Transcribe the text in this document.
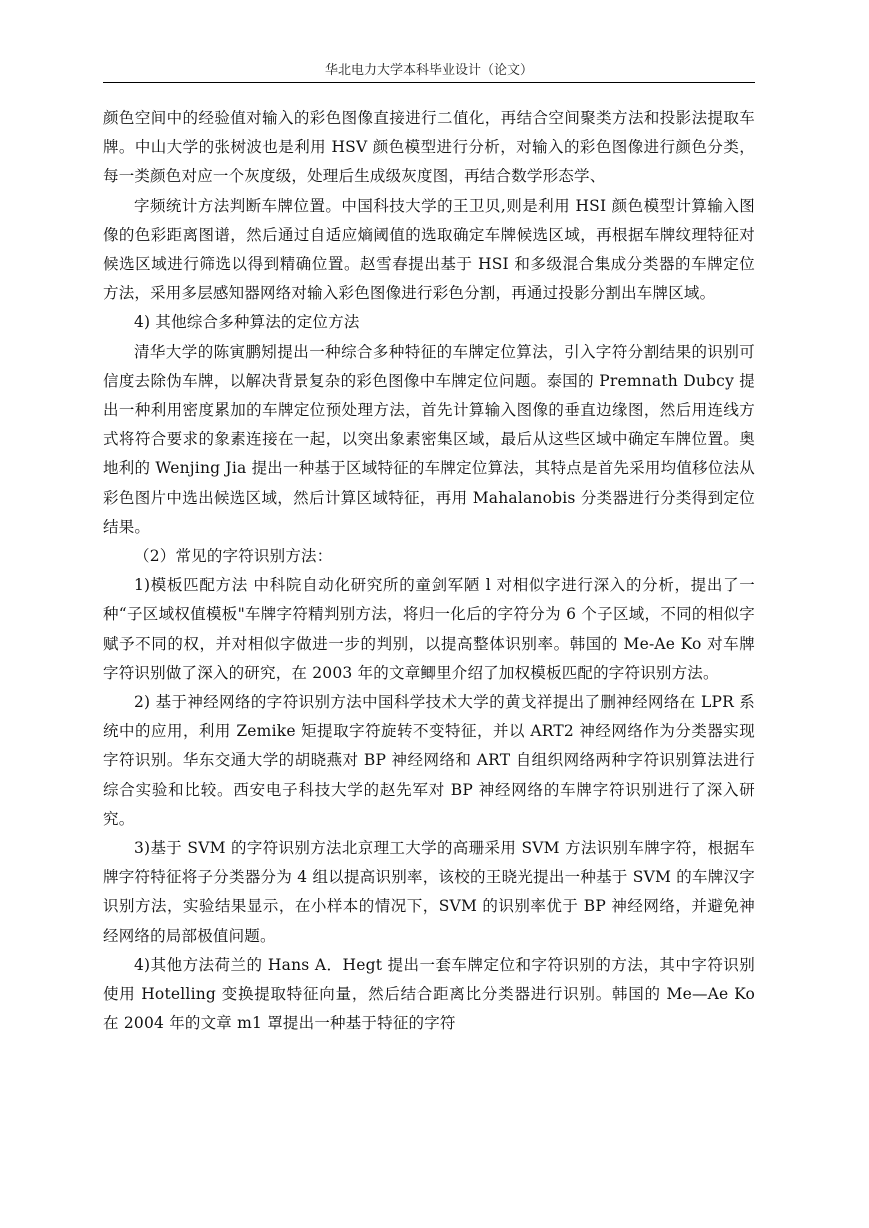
华北电力大学本科毕业设计（论文）

颜色空间中的经验值对输入的彩色图像直接进行二值化，再结合空间聚类方法和投影法提取车牌。中山大学的张树波也是利用 HSV 颜色模型进行分析，对输入的彩色图像进行颜色分类，每一类颜色对应一个灰度级，处理后生成级灰度图，再结合数学形态学、

字频统计方法判断车牌位置。中国科技大学的王卫贝,则是利用 HSI 颜色模型计算输入图像的色彩距离图谱，然后通过自适应熵阈值的选取确定车牌候选区域，再根据车牌纹理特征对候选区域进行筛选以得到精确位置。赵雪春提出基于 HSI 和多级混合集成分类器的车牌定位方法，采用多层感知器网络对输入彩色图像进行彩色分割，再通过投影分割出车牌区域。

4) 其他综合多种算法的定位方法

清华大学的陈寅鹏矧提出一种综合多种特征的车牌定位算法，引入字符分割结果的识别可信度去除伪车牌，以解决背景复杂的彩色图像中车牌定位问题。泰国的 Premnath Dubcy 提出一种利用密度累加的车牌定位预处理方法，首先计算输入图像的垂直边缘图，然后用连线方式将符合要求的象素连接在一起，以突出象素密集区域，最后从这些区域中确定车牌位置。奥地利的 Wenjing Jia 提出一种基于区域特征的车牌定位算法，其特点是首先采用均值移位法从彩色图片中选出候选区域，然后计算区域特征，再用 Mahalanobis 分类器进行分类得到定位结果。

（2）常见的字符识别方法：

1)模板匹配方法 中科院自动化研究所的童剑军陋 l 对相似字进行深入的分析，提出了一种“子区域权值模板"车牌字符精判别方法，将归一化后的字符分为 6 个子区域，不同的相似字赋予不同的权，并对相似字做进一步的判别，以提高整体识别率。韩国的 Me-Ae Ko 对车牌字符识别做了深入的研究，在 2003 年的文章鲫里介绍了加权模板匹配的字符识别方法。

2) 基于神经网络的字符识别方法中国科学技术大学的黄戈祥提出了删神经网络在 LPR 系统中的应用，利用 Zemike 矩提取字符旋转不变特征，并以 ART2 神经网络作为分类器实现字符识别。华东交通大学的胡晓燕对 BP 神经网络和 ART 自组织网络两种字符识别算法进行综合实验和比较。西安电子科技大学的赵先军对 BP 神经网络的车牌字符识别进行了深入研究。

3)基于 SVM 的字符识别方法北京理工大学的高珊采用 SVM 方法识别车牌字符，根据车牌字符特征将子分类器分为 4 组以提高识别率，该校的王晓光提出一种基于 SVM 的车牌汉字识别方法，实验结果显示，在小样本的情况下，SVM 的识别率优于 BP 神经网络，并避免神经网络的局部极值问题。

4)其他方法荷兰的 Hans A．Hegt 提出一套车牌定位和字符识别的方法，其中字符识别使用 Hotelling 变换提取特征向量，然后结合距离比分类器进行识别。韩国的 Me—Ae Ko 在 2004 年的文章 m1 罩提出一种基于特征的字符
